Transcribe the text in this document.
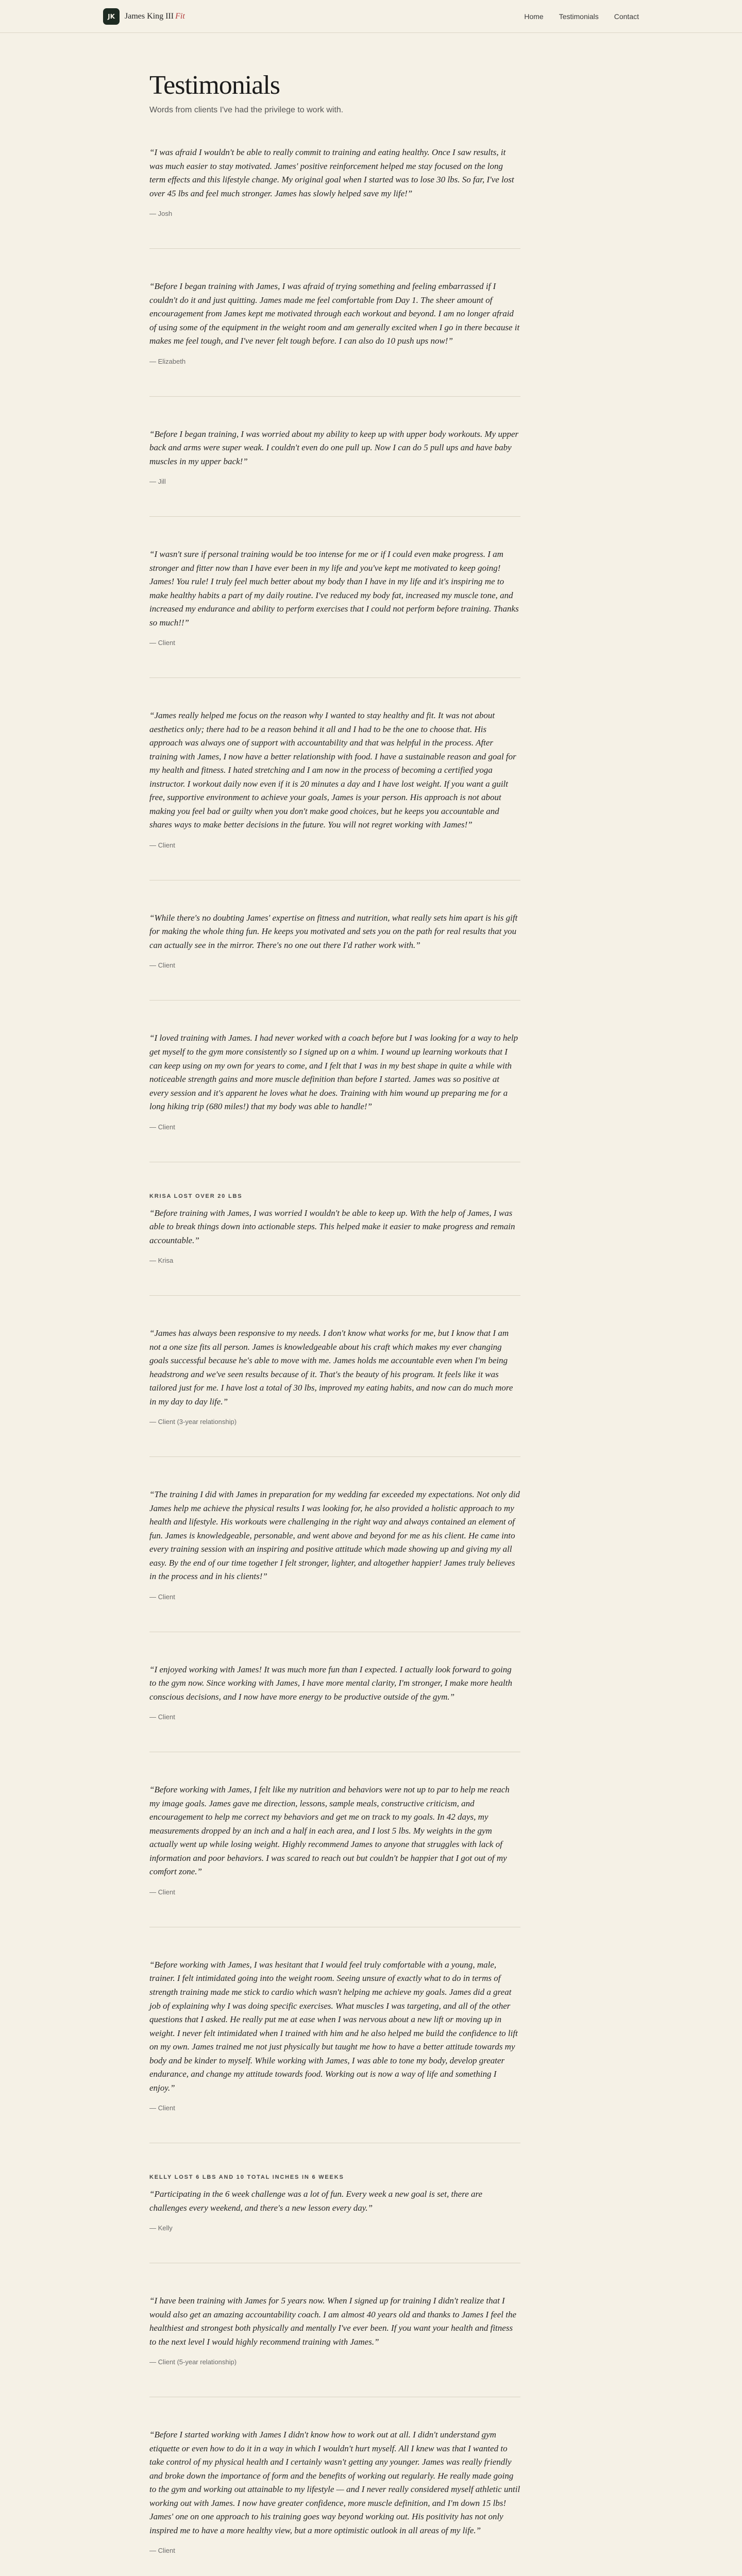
JK	James King III Fit	Home Testimonials Contact
Testimonials

Words from clients I've had the privilege to work with.

“I was afraid I wouldn't be able to really commit to training and eating healthy. Once I saw results, it was much easier to stay motivated. James' positive reinforcement helped me stay focused on the long term effects and this lifestyle change. My original goal when I started was to lose 30 lbs. So far, I've lost over 45 lbs and feel much stronger. James has slowly helped save my life!”
— Josh
“Before I began training with James, I was afraid of trying something and feeling embarrassed if I couldn't do it and just quitting. James made me feel comfortable from Day 1. The sheer amount of encouragement from James kept me motivated through each workout and beyond. I am no longer afraid of using some of the equipment in the weight room and am generally excited when I go in there because it makes me feel tough, and I've never felt tough before. I can also do 10 push ups now!”
— Elizabeth
“Before I began training, I was worried about my ability to keep up with upper body workouts. My upper back and arms were super weak. I couldn't even do one pull up. Now I can do 5 pull ups and have baby muscles in my upper back!”
— Jill
“I wasn't sure if personal training would be too intense for me or if I could even make progress. I am stronger and fitter now than I have ever been in my life and you've kept me motivated to keep going! James! You rule! I truly feel much better about my body than I have in my life and it's inspiring me to make healthy habits a part of my daily routine. I've reduced my body fat, increased my muscle tone, and increased my endurance and ability to perform exercises that I could not perform before training. Thanks so much!!”
— Client
“James really helped me focus on the reason why I wanted to stay healthy and fit. It was not about aesthetics only; there had to be a reason behind it all and I had to be the one to choose that. His approach was always one of support with accountability and that was helpful in the process. After training with James, I now have a better relationship with food. I have a sustainable reason and goal for my health and fitness. I hated stretching and I am now in the process of becoming a certified yoga instructor. I workout daily now even if it is 20 minutes a day and I have lost weight. If you want a guilt free, supportive environment to achieve your goals, James is your person. His approach is not about making you feel bad or guilty when you don't make good choices, but he keeps you accountable and shares ways to make better decisions in the future. You will not regret working with James!”
— Client
“While there's no doubting James' expertise on fitness and nutrition, what really sets him apart is his gift for making the whole thing fun. He keeps you motivated and sets you on the path for real results that you can actually see in the mirror. There's no one out there I'd rather work with.”
— Client
“I loved training with James. I had never worked with a coach before but I was looking for a way to help get myself to the gym more consistently so I signed up on a whim. I wound up learning workouts that I can keep using on my own for years to come, and I felt that I was in my best shape in quite a while with noticeable strength gains and more muscle definition than before I started. James was so positive at every session and it's apparent he loves what he does. Training with him wound up preparing me for a long hiking trip (680 miles!) that my body was able to handle!”
— Client
KRISA LOST OVER 20 LBS
“Before training with James, I was worried I wouldn't be able to keep up. With the help of James, I was able to break things down into actionable steps. This helped make it easier to make progress and remain accountable.”
— Krisa
“James has always been responsive to my needs. I don't know what works for me, but I know that I am not a one size fits all person. James is knowledgeable about his craft which makes my ever changing goals successful because he's able to move with me. James holds me accountable even when I'm being headstrong and we've seen results because of it. That's the beauty of his program. It feels like it was tailored just for me. I have lost a total of 30 lbs, improved my eating habits, and now can do much more in my day to day life.”
— Client (3-year relationship)
“The training I did with James in preparation for my wedding far exceeded my expectations. Not only did James help me achieve the physical results I was looking for, he also provided a holistic approach to my health and lifestyle. His workouts were challenging in the right way and always contained an element of fun. James is knowledgeable, personable, and went above and beyond for me as his client. He came into every training session with an inspiring and positive attitude which made showing up and giving my all easy. By the end of our time together I felt stronger, lighter, and altogether happier! James truly believes in the process and in his clients!”
— Client
“I enjoyed working with James! It was much more fun than I expected. I actually look forward to going to the gym now. Since working with James, I have more mental clarity, I'm stronger, I make more health conscious decisions, and I now have more energy to be productive outside of the gym.”
— Client
“Before working with James, I felt like my nutrition and behaviors were not up to par to help me reach my image goals. James gave me direction, lessons, sample meals, constructive criticism, and encouragement to help me correct my behaviors and get me on track to my goals. In 42 days, my measurements dropped by an inch and a half in each area, and I lost 5 lbs. My weights in the gym actually went up while losing weight. Highly recommend James to anyone that struggles with lack of information and poor behaviors. I was scared to reach out but couldn't be happier that I got out of my comfort zone.”
— Client
“Before working with James, I was hesitant that I would feel truly comfortable with a young, male, trainer. I felt intimidated going into the weight room. Seeing unsure of exactly what to do in terms of strength training made me stick to cardio which wasn't helping me achieve my goals. James did a great job of explaining why I was doing specific exercises. What muscles I was targeting, and all of the other questions that I asked. He really put me at ease when I was nervous about a new lift or moving up in weight. I never felt intimidated when I trained with him and he also helped me build the confidence to lift on my own. James trained me not just physically but taught me how to have a better attitude towards my body and be kinder to myself. While working with James, I was able to tone my body, develop greater endurance, and change my attitude towards food. Working out is now a way of life and something I enjoy.”
— Client
KELLY LOST 6 LBS AND 10 TOTAL INCHES IN 6 WEEKS
“Participating in the 6 week challenge was a lot of fun. Every week a new goal is set, there are challenges every weekend, and there's a new lesson every day.”
— Kelly
“I have been training with James for 5 years now. When I signed up for training I didn't realize that I would also get an amazing accountability coach. I am almost 40 years old and thanks to James I feel the healthiest and strongest both physically and mentally I've ever been. If you want your health and fitness to the next level I would highly recommend training with James.”
— Client (5-year relationship)
“Before I started working with James I didn't know how to work out at all. I didn't understand gym etiquette or even how to do it in a way in which I wouldn't hurt myself. All I knew was that I wanted to take control of my physical health and I certainly wasn't getting any younger. James was really friendly and broke down the importance of form and the benefits of working out regularly. He really made going to the gym and working out attainable to my lifestyle — and I never really considered myself athletic until working out with James. I now have greater confidence, more muscle definition, and I'm down 15 lbs! James' one on one approach to his training goes way beyond working out. His positivity has not only inspired me to have a more healthy view, but a more optimistic outlook in all areas of my life.”
— Client
